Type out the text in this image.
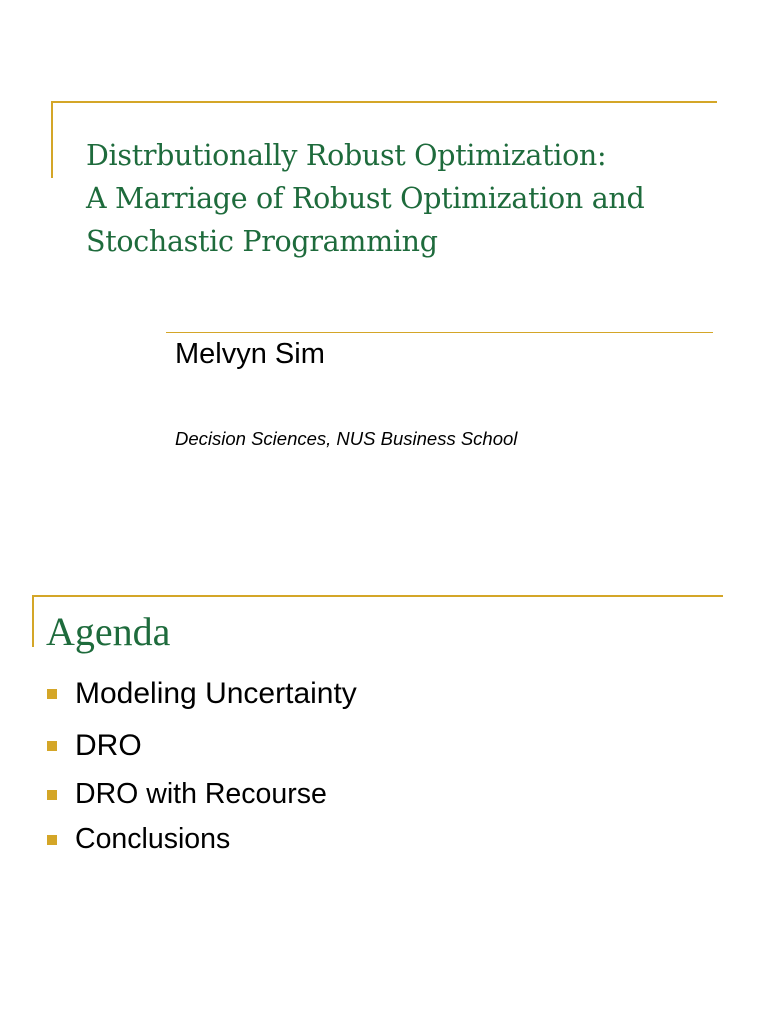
Distrbutionally Robust Optimization:
A Marriage of Robust Optimization and
Stochastic Programming
Melvyn Sim
Decision Sciences, NUS Business School
Agenda
Modeling Uncertainty
DRO
DRO with Recourse
Conclusions
